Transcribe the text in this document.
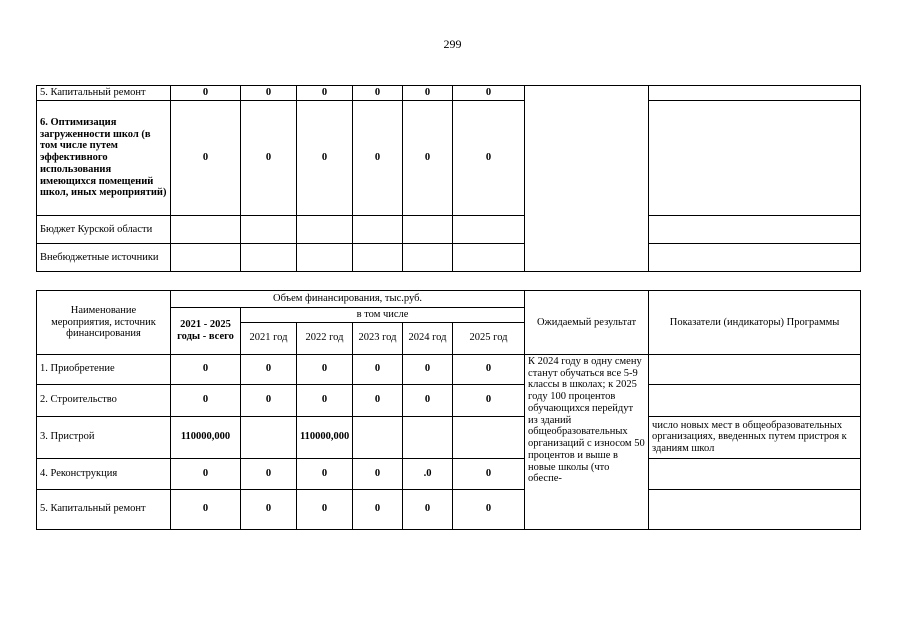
299
5. Капитальный ремонт	0	0	0	0	0	0		
6. Оптимизация загруженности школ (в том числе путем эффективного использования имеющихся помещений школ, иных мероприятий)	0	0	0	0	0	0		
Бюджет Курской области								
Внебюджетные источники								
Наименование мероприятия, источник финансирования	Объем финансирования, тыс.руб.						Ожидаемый результат	Показатели (индикаторы) Программы
	2021 - 2025 годы - всего	в том числе						
		2021 год	2022 год	2023 год	2024 год	2025 год		
1. Приобретение	0	0	0	0	0	0	К 2024 году в одну смену станут обучаться все 5-9 классы в школах; к 2025 году 100 процентов обучающихся перейдут из зданий общеобразовательных организаций с износом 50 процентов и выше в новые школы (что обеспе-	
2. Строительство	0	0	0	0	0	0		
3. Пристрой	110000,000		110000,000					число новых мест в общеобразовательных организациях, введенных путем пристроя к зданиям школ
4. Реконструкция	0	0	0	0	.0	0		
5. Капитальный ремонт	0	0	0	0	0	0		
